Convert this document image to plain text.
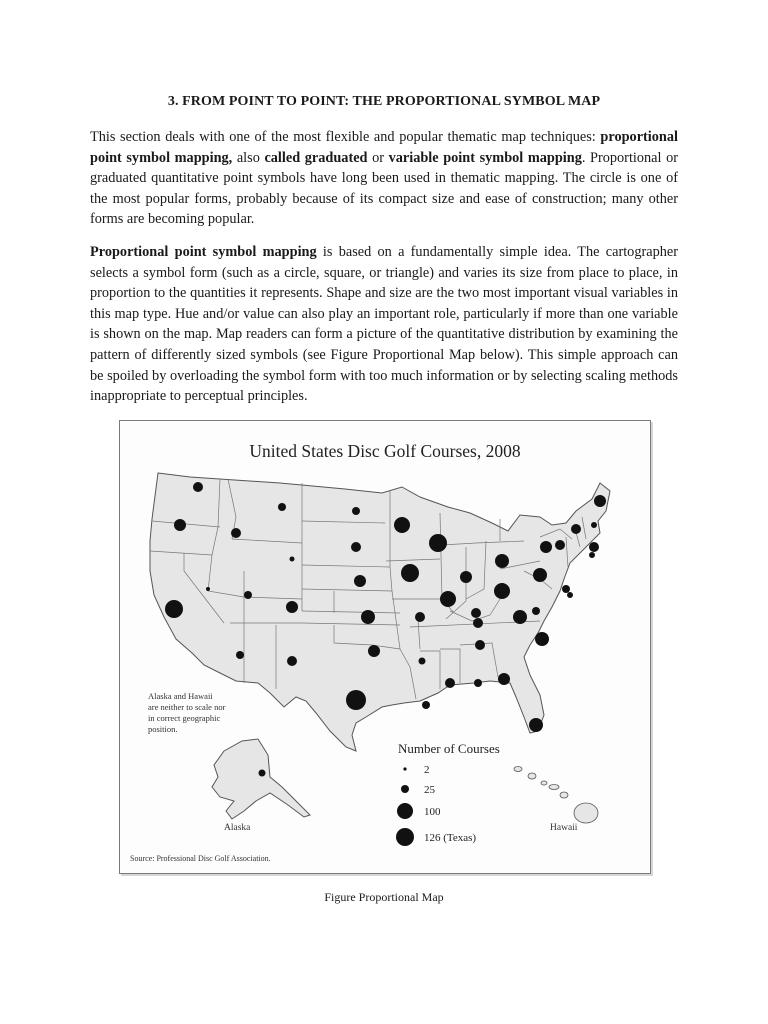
3. FROM POINT TO POINT: THE PROPORTIONAL SYMBOL MAP

This section deals with one of the most flexible and popular thematic map techniques: proportional point symbol mapping, also called graduated or variable point symbol mapping. Proportional or graduated quantitative point symbols have long been used in thematic mapping. The circle is one of the most popular forms, probably because of its compact size and ease of construction; many other forms are becoming popular.

Proportional point symbol mapping is based on a fundamentally simple idea. The cartographer selects a symbol form (such as a circle, square, or triangle) and varies its size from place to place, in proportion to the quantities it represents. Shape and size are the two most important visual variables in this map type. Hue and/or value can also play an important role, particularly if more than one variable is shown on the map. Map readers can form a picture of the quantitative distribution by examining the pattern of differently sized symbols (see Figure Proportional Map below). This simple approach can be spoiled by overloading the symbol form with too much information or by selecting scaling methods inappropriate to perceptual principles.

United States Disc Golf Courses, 2008
Alaska and Hawaii
are neither to scale nor
in correct geographic
position.
Alaska	Hawaii
Number of Courses
2
25
100
126 (Texas)
Source: Professional Disc Golf Association.
Figure Proportional Map
